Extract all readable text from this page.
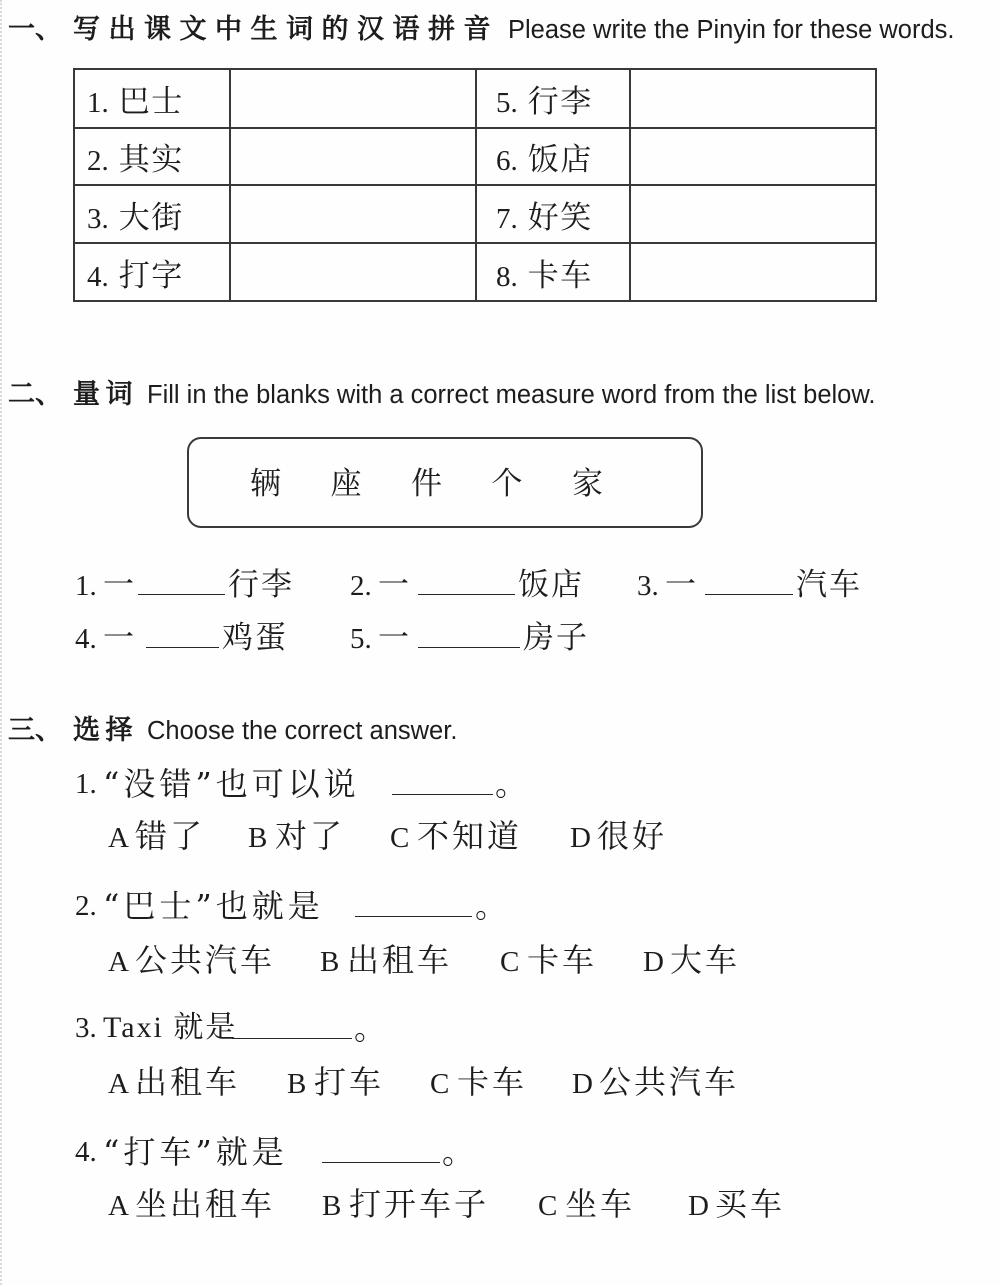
一、 写出课文中生词的汉语拼音 Please write the Pinyin for these words.
1. 巴士		5. 行李	

2. 其实		6. 饭店	

3. 大街		7. 好笑	

4. 打字		8. 卡车	

二、 量词 Fill in the blanks with a correct measure word from the list below.
辆 座 件 个 家
1. 一	行李 2. 一	饭店 3. 一	汽车
4. 一	鸡蛋 5. 一	房子
三、 选择 Choose the correct answer.
1. “没错”也可以说	。
A 错了 B 对了 C 不知道 D 很好
2. “巴士”也就是	。
A 公共汽车 B 出租车 C 卡车 D 大车
3. Taxi 就是	。
A 出租车 B 打车 C 卡车 D 公共汽车
4. “打车”就是	。
A 坐出租车 B 打开车子 C 坐车 D 买车
